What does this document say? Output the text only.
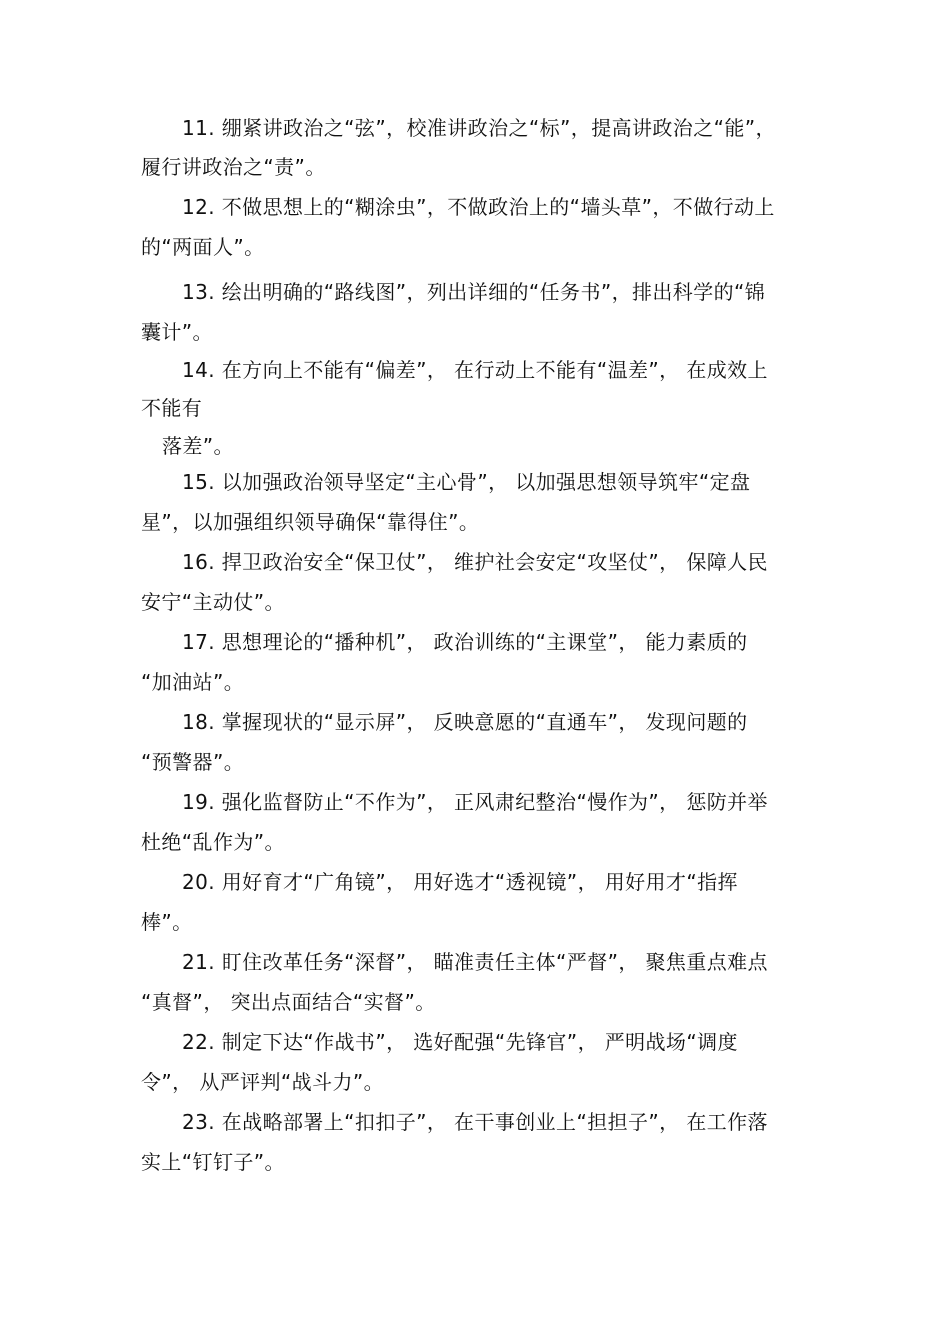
11. 绷紧讲政治之“弦”，校准讲政治之“标”，提高讲政治之“能”，
履行讲政治之“责”。
12. 不做思想上的“糊涂虫”，不做政治上的“墙头草”，不做行动上
的“两面人”。
13. 绘出明确的“路线图”，列出详细的“任务书”，排出科学的“锦
囊计”。
14. 在方向上不能有“偏差”， 在行动上不能有“温差”， 在成效上
不能有
落差”。
15. 以加强政治领导坚定“主心骨”， 以加强思想领导筑牢“定盘
星”，以加强组织领导确保“靠得住”。
16. 捍卫政治安全“保卫仗”， 维护社会安定“攻坚仗”， 保障人民
安宁“主动仗”。
17. 思想理论的“播种机”， 政治训练的“主课堂”， 能力素质的
“加油站”。
18. 掌握现状的“显示屏”， 反映意愿的“直通车”， 发现问题的
“预警器”。
19. 强化监督防止“不作为”， 正风肃纪整治“慢作为”， 惩防并举
杜绝“乱作为”。
20. 用好育才“广角镜”， 用好选才“透视镜”， 用好用才“指挥
棒”。
21. 盯住改革任务“深督”， 瞄准责任主体“严督”， 聚焦重点难点
“真督”， 突出点面结合“实督”。
22. 制定下达“作战书”， 选好配强“先锋官”， 严明战场“调度
令”， 从严评判“战斗力”。
23. 在战略部署上“扣扣子”， 在干事创业上“担担子”， 在工作落
实上“钉钉子”。
